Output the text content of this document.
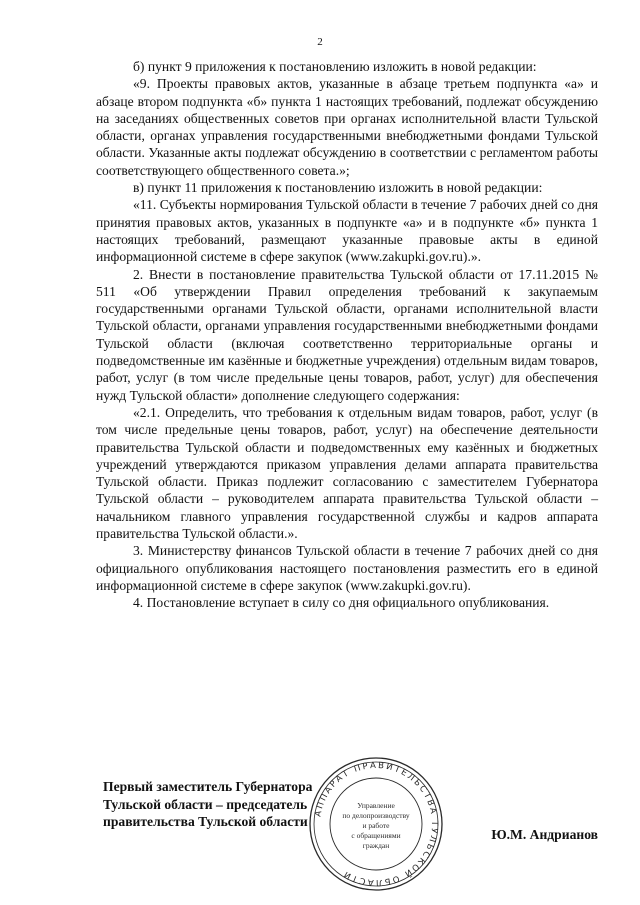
2

б) пункт 9 приложения к постановлению изложить в новой редакции:

«9. Проекты правовых актов, указанные в абзаце третьем подпункта «а» и абзаце втором подпункта «б» пункта 1 настоящих требований, подлежат обсуждению на заседаниях общественных советов при органах исполнительной власти Тульской области, органах управления государственными внебюджетными фондами Тульской области. Указанные акты подлежат обсуждению в соответствии с регламентом работы соответствующего общественного совета.»;

в) пункт 11 приложения к постановлению изложить в новой редакции:

«11. Субъекты нормирования Тульской области в течение 7 рабочих дней со дня принятия правовых актов, указанных в подпункте «а» и в подпункте «б» пункта 1 настоящих требований, размещают указанные правовые акты в единой информационной системе в сфере закупок (www.zakupki.gov.ru).».

2. Внести в постановление правительства Тульской области от 17.11.2015 № 511 «Об утверждении Правил определения требований к закупаемым государственными органами Тульской области, органами исполнительной власти Тульской области, органами управления государственными внебюджетными фондами Тульской области (включая соответственно территориальные органы и подведомственные им казённые и бюджетные учреждения) отдельным видам товаров, работ, услуг (в том числе предельные цены товаров, работ, услуг) для обеспечения нужд Тульской области» дополнение следующего содержания:

«2.1. Определить, что требования к отдельным видам товаров, работ, услуг (в том числе предельные цены товаров, работ, услуг) на обеспечение деятельности правительства Тульской области и подведомственных ему казённых и бюджетных учреждений утверждаются приказом управления делами аппарата правительства Тульской области. Приказ подлежит согласованию с заместителем Губернатора Тульской области – руководителем аппарата правительства Тульской области – начальником главного управления государственной службы и кадров аппарата правительства Тульской области.».

3. Министерству финансов Тульской области в течение 7 рабочих дней со дня официального опубликования настоящего постановления разместить его в единой информационной системе в сфере закупок (www.zakupki.gov.ru).

4. Постановление вступает в силу со дня официального опубликования.

Первый заместитель Губернатора
Тульской области – председатель
правительства Тульской области
Ю.М. Андрианов
АППАРАТ ПРАВИТЕЛЬСТВА ТУЛЬСКОЙ ОБЛАСТИ
Управление
по делопроизводству
и работе
с обращениями
граждан
